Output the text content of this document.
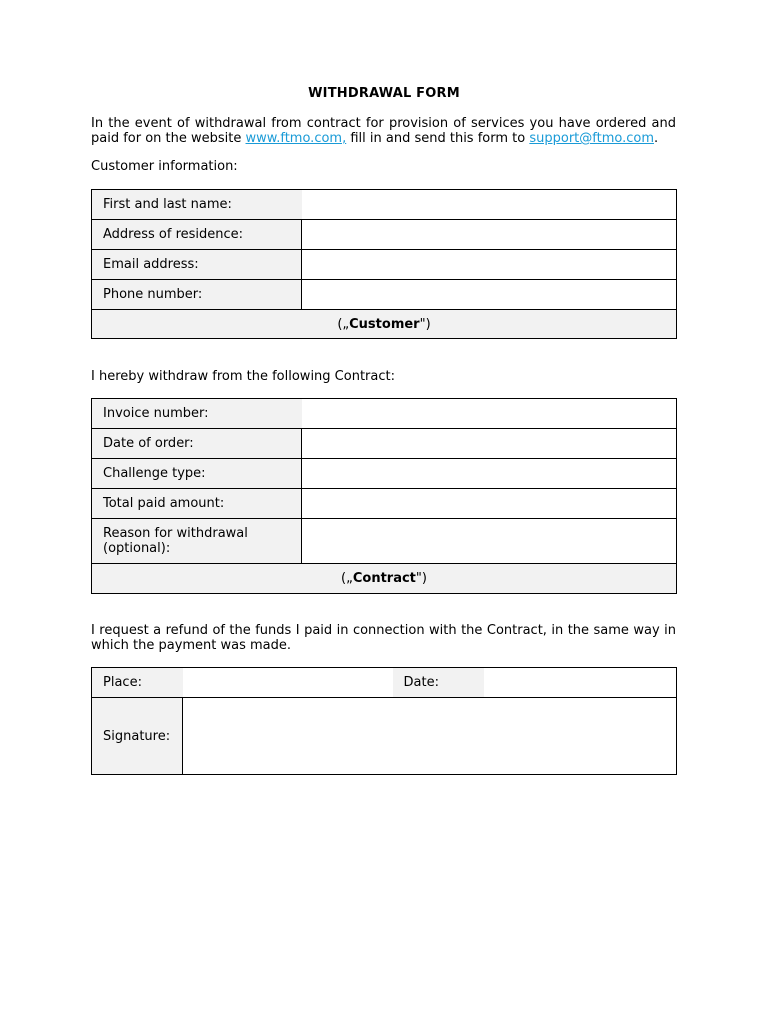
WITHDRAWAL FORM
In the event of withdrawal from contract for provision of services you have ordered and paid for on the website www.ftmo.com, fill in and send this form to support@ftmo.com.
Customer information:
First and last name:	
Address of residence:	
Email address:	
Phone number:	
(„Customer")	
I hereby withdraw from the following Contract:
Invoice number:	
Date of order:	
Challenge type:	
Total paid amount:	
Reason for withdrawal (optional):	
(„Contract")	
I request a refund of the funds I paid in connection with the Contract, in the same way in which the payment was made.
Place:		Date:	
Signature:			
